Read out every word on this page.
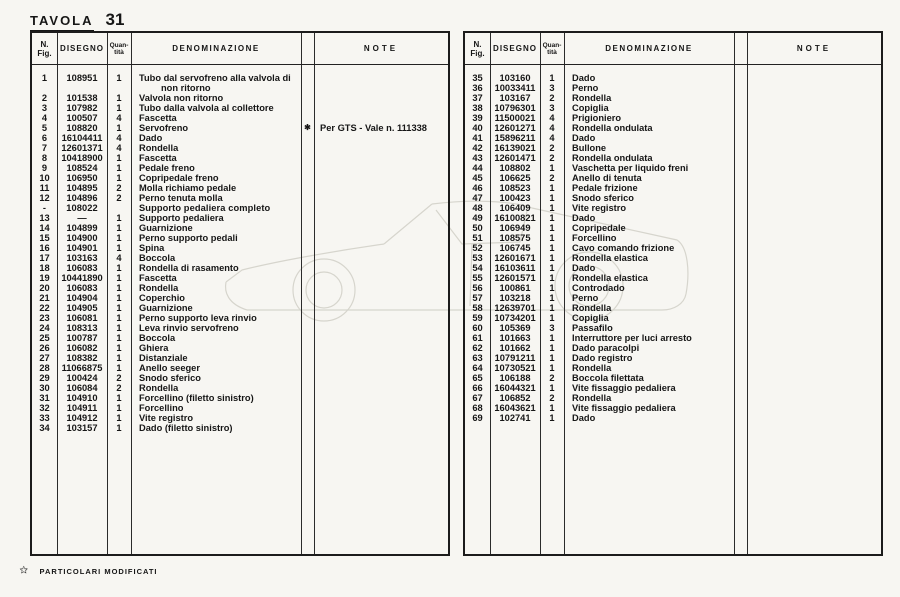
TAVOLA 31
N.
Fig.	DISEGNO Quan-
tità	DENOMINAZIONE	NOTE
1	108951	1	Tubo dal servofreno alla valvola di non ritorno
2	101538	1	Valvola non ritorno
3	107982	1	Tubo dalla valvola al collettore
4	100507	4	Fascetta
5	108820	1	Servofreno	✱ Per GTS - Vale n. 111338
6	16104411	4	Dado
7	12601371	4	Rondella
8	10418900	1	Fascetta
9	108524	1	Pedale freno
10	106950	1	Copripedale freno
11	104895	2	Molla richiamo pedale
12	104896	2	Perno tenuta molla
-	108022	Supporto pedaliera completo
13	—	1	Supporto pedaliera
14	104899	1	Guarnizione
15	104900	1	Perno supporto pedali
16	104901	1	Spina
17	103163	4	Boccola
18	106083	1	Rondella di rasamento
19	10441890	1	Fascetta
20	106083	1	Rondella
21	104904	1	Coperchio
22	104905	1	Guarnizione
23	106081	1	Perno supporto leva rinvio
24	108313	1	Leva rinvio servofreno
25	100787	1	Boccola
26	106082	1	Ghiera
27	108382	1	Distanziale
28	11066875	1	Anello seeger
29	100424	2	Snodo sferico
30	106084	2	Rondella
31	104910	1	Forcellino (filetto sinistro)
32	104911	1	Forcellino
33	104912	1	Vite registro
34	103157	1	Dado (filetto sinistro)
N.
Fig.	DISEGNO Quan-
tità	DENOMINAZIONE	NOTE
35	103160	1	Dado
36	10033411	3	Perno
37	103167	2	Rondella
38	10796301	3	Copiglia
39	11500021	4	Prigioniero
40	12601271	4	Rondella ondulata
41	15896211	4	Dado
42	16139021	2	Bullone
43	12601471	2	Rondella ondulata
44	108802	1	Vaschetta per liquido freni
45	106625	2	Anello di tenuta
46	108523	1	Pedale frizione
47	100423	1	Snodo sferico
48	106409	1	Vite registro
49	16100821	1	Dado
50	106949	1	Copripedale
51	108575	1	Forcellino
52	106745	1	Cavo comando frizione
53	12601671	1	Rondella elastica
54	16103611	1	Dado
55	12601571	1	Rondella elastica
56	100861	1	Controdado
57	103218	1	Perno
58	12639701	1	Rondella
59	10734201	1	Copiglia
60	105369	3	Passafilo
61	101663	1	Interruttore per luci arresto
62	101662	1	Dado paracolpi
63	10791211	1	Dado registro
64	10730521	1	Rondella
65	106188	2	Boccola filettata
66	16044321	1	Vite fissaggio pedaliera
67	106852	2	Rondella
68	16043621	1	Vite fissaggio pedaliera
69	102741	1	Dado
✩ PARTICOLARI MODIFICATI
